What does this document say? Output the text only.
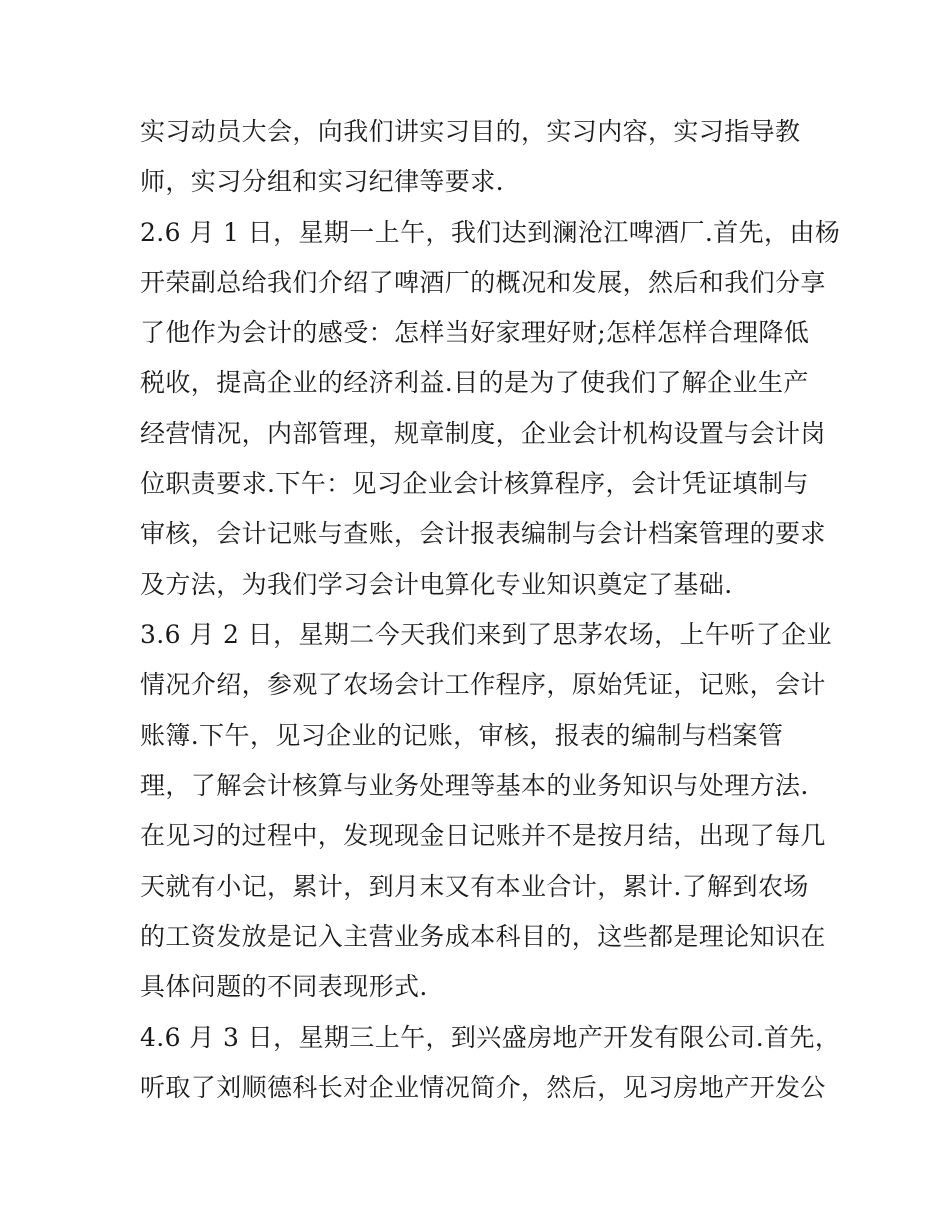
实习动员大会，向我们讲实习目的，实习内容，实习指导教
师，实习分组和实习纪律等要求.
2.6 月 1 日，星期一上午，我们达到澜沧江啤酒厂.首先，由杨
开荣副总给我们介绍了啤酒厂的概况和发展，然后和我们分享
了他作为会计的感受：怎样当好家理好财;怎样怎样合理降低
税收，提高企业的经济利益.目的是为了使我们了解企业生产
经营情况，内部管理，规章制度，企业会计机构设置与会计岗
位职责要求.下午：见习企业会计核算程序，会计凭证填制与
审核，会计记账与查账，会计报表编制与会计档案管理的要求
及方法，为我们学习会计电算化专业知识奠定了基础.
3.6 月 2 日，星期二今天我们来到了思茅农场，上午听了企业
情况介绍，参观了农场会计工作程序，原始凭证，记账，会计
账簿.下午，见习企业的记账，审核，报表的编制与档案管
理，了解会计核算与业务处理等基本的业务知识与处理方法.
在见习的过程中，发现现金日记账并不是按月结，出现了每几
天就有小记，累计，到月末又有本业合计，累计.了解到农场
的工资发放是记入主营业务成本科目的，这些都是理论知识在
具体问题的不同表现形式.
4.6 月 3 日，星期三上午，到兴盛房地产开发有限公司.首先，
听取了刘顺德科长对企业情况简介，然后，见习房地产开发公
